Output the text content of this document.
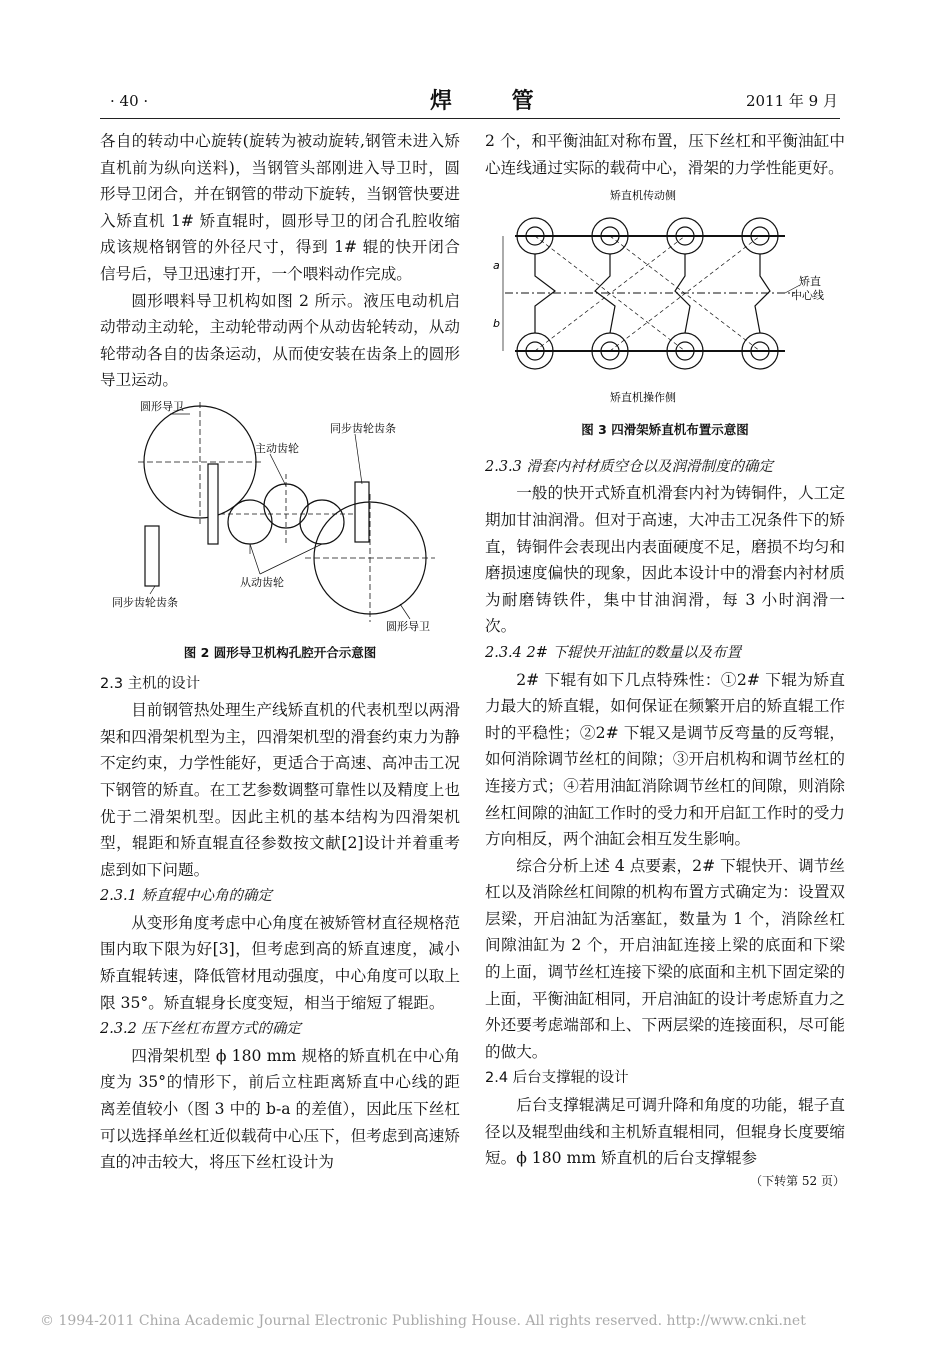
· 40 ·	焊 管	2011 年 9 月

各自的转动中心旋转(旋转为被动旋转,钢管未进入矫直机前为纵向送料)，当钢管头部刚进入导卫时，圆形导卫闭合，并在钢管的带动下旋转，当钢管快要进入矫直机 1# 矫直辊时，圆形导卫的闭合孔腔收缩成该规格钢管的外径尺寸，得到 1# 辊的快开闭合信号后，导卫迅速打开，一个喂料动作完成。

圆形喂料导卫机构如图 2 所示。液压电动机启动带动主动轮，主动轮带动两个从动齿轮转动，从动轮带动各自的齿条运动，从而使安装在齿条上的圆形导卫运动。

圆形导卫
主动齿轮
同步齿轮齿条
从动齿轮
同步齿轮齿条
圆形导卫
图 2 圆形导卫机构孔腔开合示意图
2.3 主机的设计

目前钢管热处理生产线矫直机的代表机型以两滑架和四滑架机型为主，四滑架机型的滑套约束力为静不定约束，力学性能好，更适合于高速、高冲击工况下钢管的矫直。在工艺参数调整可靠性以及精度上也优于二滑架机型。因此主机的基本结构为四滑架机型，辊距和矫直辊直径参数按文献[2]设计并着重考虑到如下问题。

2.3.1 矫直辊中心角的确定

从变形角度考虑中心角度在被矫管材直径规格范围内取下限为好[3]，但考虑到高的矫直速度，减小矫直辊转速，降低管材甩动强度，中心角度可以取上限 35°。矫直辊身长度变短，相当于缩短了辊距。

2.3.2 压下丝杠布置方式的确定

四滑架机型 ϕ 180 mm 规格的矫直机在中心角度为 35°的情形下，前后立柱距离矫直中心线的距离差值较小（图 3 中的 b-a 的差值），因此压下丝杠可以选择单丝杠近似载荷中心压下，但考虑到高速矫直的冲击较大，将压下丝杠设计为

2 个，和平衡油缸对称布置，压下丝杠和平衡油缸中心连线通过实际的载荷中心，滑架的力学性能更好。

矫直机传动侧
a
b
矫直
中心线
矫直机操作侧
图 3 四滑架矫直机布置示意图
2.3.3 滑套内衬材质空仓以及润滑制度的确定

一般的快开式矫直机滑套内衬为铸铜件，人工定期加甘油润滑。但对于高速，大冲击工况条件下的矫直，铸铜件会表现出内表面硬度不足，磨损不均匀和磨损速度偏快的现象，因此本设计中的滑套内衬材质为耐磨铸铁件，集中甘油润滑，每 3 小时润滑一次。

2.3.4 2# 下辊快开油缸的数量以及布置

2# 下辊有如下几点特殊性：①2# 下辊为矫直力最大的矫直辊，如何保证在频繁开启的矫直辊工作时的平稳性；②2# 下辊又是调节反弯量的反弯辊，如何消除调节丝杠的间隙；③开启机构和调节丝杠的连接方式；④若用油缸消除调节丝杠的间隙，则消除丝杠间隙的油缸工作时的受力和开启缸工作时的受力方向相反，两个油缸会相互发生影响。

综合分析上述 4 点要素，2# 下辊快开、调节丝杠以及消除丝杠间隙的机构布置方式确定为：设置双层梁，开启油缸为活塞缸，数量为 1 个，消除丝杠间隙油缸为 2 个，开启油缸连接上梁的底面和下梁的上面，调节丝杠连接下梁的底面和主机下固定梁的上面，平衡油缸相同，开启油缸的设计考虑矫直力之外还要考虑端部和上、下两层梁的连接面积，尽可能的做大。

2.4 后台支撑辊的设计

后台支撑辊满足可调升降和角度的功能，辊子直径以及辊型曲线和主机矫直辊相同，但辊身长度要缩短。ϕ 180 mm 矫直机的后台支撑辊参

（下转第 52 页）
© 1994-2011 China Academic Journal Electronic Publishing House. All rights reserved. http://www.cnki.net
